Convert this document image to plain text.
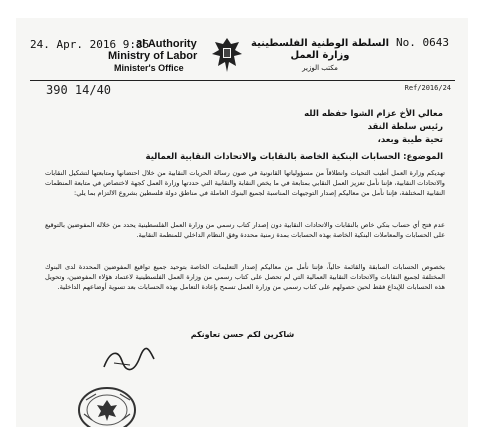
24. Apr. 2016 9:35	No. 0643
al Authority
Ministry of Labor
Minister's Office
السلطة الوطنية الفلسطينية
وزارة العمل
مكتب الوزير
390 14/40	Ref/2016/24
معالي الأخ عزام الشوا حفظه الله
رئيس سلطة النقد
تحية طيبة وبعد،
الموضوع: الحسابات البنكية الخاصة بالنقابات والاتحادات النقابية العمالية
تهديكم وزارة العمل أطيب التحيات وانطلاقاً من مسؤولياتها القانونية في صون رسالة الحريات النقابية من خلال احتضانها ومتابعتها لتشكيل النقابات والاتحادات النقابية، فإننا نأمل تعزيز العمل النقابي بمتابعة في ما يخص النقابة والنقابية التي حددتها وزارة العمل كجهة لاختصاص في متابعة المنظمات النقابية المختلفة، فإننا نأمل من معاليكم إصدار التوجيهات المناسبة لجميع البنوك العاملة في مناطق دولة فلسطين بشروع الالتزام بما يلي:
عدم فتح أي حساب بنكي خاص بالنقابات والاتحادات النقابية دون إصدار كتاب رسمي من وزارة العمل الفلسطينية يحدد من خلاله المفوضين بالتوقيع على الحسابات والمعاملات البنكية الخاصة بهذه الحسابات بمدة زمنية محددة وفق النظام الداخلي للمنظمة النقابية.
بخصوص الحسابات السابقة والقائمة حالياً، فإننا نأمل من معاليكم إصدار التعليمات الخاصة بتوحيد جميع تواقيع المفوضين المحددة لدى البنوك المختلفة لجميع النقابات والاتحادات النقابية العمالية التي لم تحصل على كتاب رسمي من وزارة العمل الفلسطينية لاعتماد هؤلاء المفوضين، وتحويل هذه الحسابات للإيداع فقط لحين حصولهم على كتاب رسمي من وزارة العمل تسمح بإعادة التعامل بهذه الحسابات بعد تسوية أوضاعهم الداخلية.
شاكرين لكم حسن تعاونكم
